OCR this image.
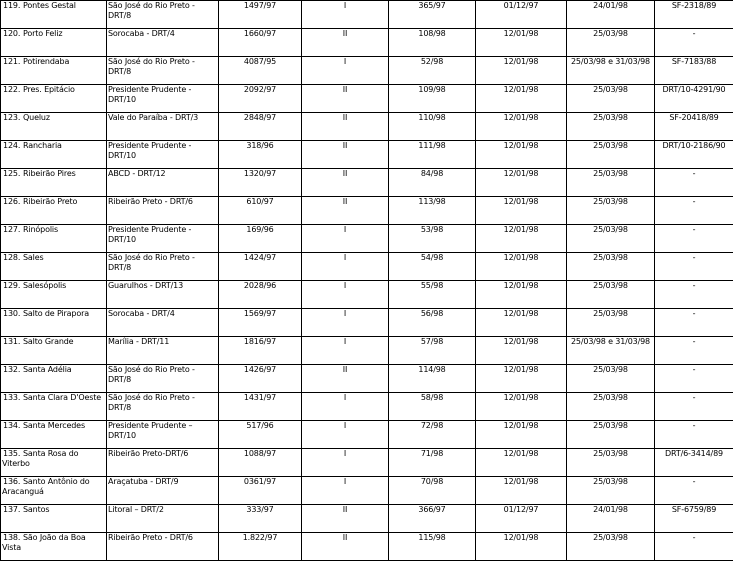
119. Pontes Gestal	São José do Rio Preto - DRT/8	1497/97	I	365/97	01/12/97	24/01/98	SF-2318/89
120. Porto Feliz	Sorocaba - DRT/4	1660/97	II	108/98	12/01/98	25/03/98	-
121. Potirendaba	São José do Rio Preto - DRT/8	4087/95	I	52/98	12/01/98	25/03/98 e 31/03/98	SF-7183/88
122. Pres. Epitácio	Presidente Prudente - DRT/10	2092/97	II	109/98	12/01/98	25/03/98	DRT/10-4291/90
123. Queluz	Vale do Paraíba - DRT/3	2848/97	II	110/98	12/01/98	25/03/98	SF-20418/89
124. Rancharia	Presidente Prudente - DRT/10	318/96	II	111/98	12/01/98	25/03/98	DRT/10-2186/90
125. Ribeirão Pires	ABCD - DRT/12	1320/97	II	84/98	12/01/98	25/03/98	-
126. Ribeirão Preto	Ribeirão Preto - DRT/6	610/97	II	113/98	12/01/98	25/03/98	-
127. Rinópolis	Presidente Prudente - DRT/10	169/96	I	53/98	12/01/98	25/03/98	-
128. Sales	São José do Rio Preto - DRT/8	1424/97	I	54/98	12/01/98	25/03/98	-
129. Salesópolis	Guarulhos - DRT/13	2028/96	I	55/98	12/01/98	25/03/98	-
130. Salto de Pirapora	Sorocaba - DRT/4	1569/97	I	56/98	12/01/98	25/03/98	-
131. Salto Grande	Marília - DRT/11	1816/97	I	57/98	12/01/98	25/03/98 e 31/03/98	-
132. Santa Adélia	São José do Rio Preto - DRT/8	1426/97	II	114/98	12/01/98	25/03/98	-
133. Santa Clara D'Oeste	São José do Rio Preto - DRT/8	1431/97	I	58/98	12/01/98	25/03/98	-
134. Santa Mercedes	Presidente Prudente – DRT/10	517/96	I	72/98	12/01/98	25/03/98	-
135. Santa Rosa do Viterbo	Ribeirão Preto-DRT/6	1088/97	I	71/98	12/01/98	25/03/98	DRT/6-3414/89
136. Santo Antônio do Aracanguá	Araçatuba - DRT/9	0361/97	I	70/98	12/01/98	25/03/98	-
137. Santos	Litoral – DRT/2	333/97	II	366/97	01/12/97	24/01/98	SF-6759/89
138. São João da Boa Vista	Ribeirão Preto - DRT/6	1.822/97	II	115/98	12/01/98	25/03/98	-
